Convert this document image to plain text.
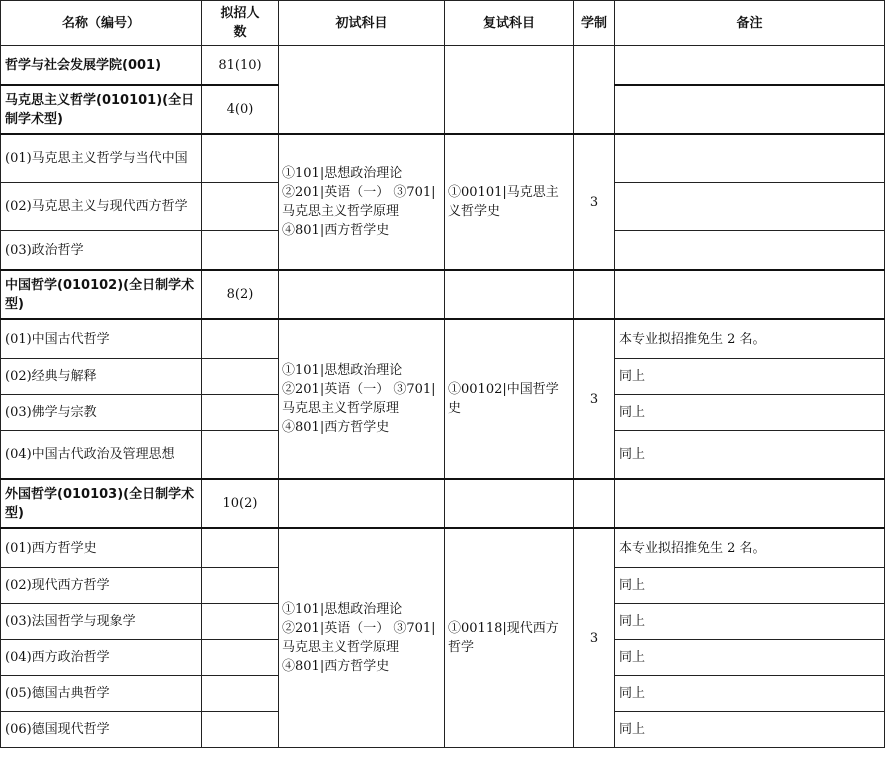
名称（编号）	拟招人数	初试科目	复试科目	学制	备注
哲学与社会发展学院(001)	81(10)				
马克思主义哲学(010101)(全日制学术型)	4(0)				
(01)马克思主义哲学与当代中国		①101|思想政治理论 ②201|英语（一） ③701|马克思主义哲学原理 ④801|西方哲学史	①00101|马克思主义哲学史	3	
(02)马克思主义与现代西方哲学					
(03)政治哲学					
中国哲学(010102)(全日制学术型)	8(2)				
(01)中国古代哲学		①101|思想政治理论 ②201|英语（一） ③701|马克思主义哲学原理 ④801|西方哲学史	①00102|中国哲学史	3	本专业拟招推免生 2 名。
(02)经典与解释					同上
(03)佛学与宗教					同上
(04)中国古代政治及管理思想					同上
外国哲学(010103)(全日制学术型)	10(2)				
(01)西方哲学史		①101|思想政治理论 ②201|英语（一） ③701|马克思主义哲学原理 ④801|西方哲学史	①00118|现代西方哲学	3	本专业拟招推免生 2 名。
(02)现代西方哲学					同上
(03)法国哲学与现象学					同上
(04)西方政治哲学					同上
(05)德国古典哲学					同上
(06)德国现代哲学					同上
